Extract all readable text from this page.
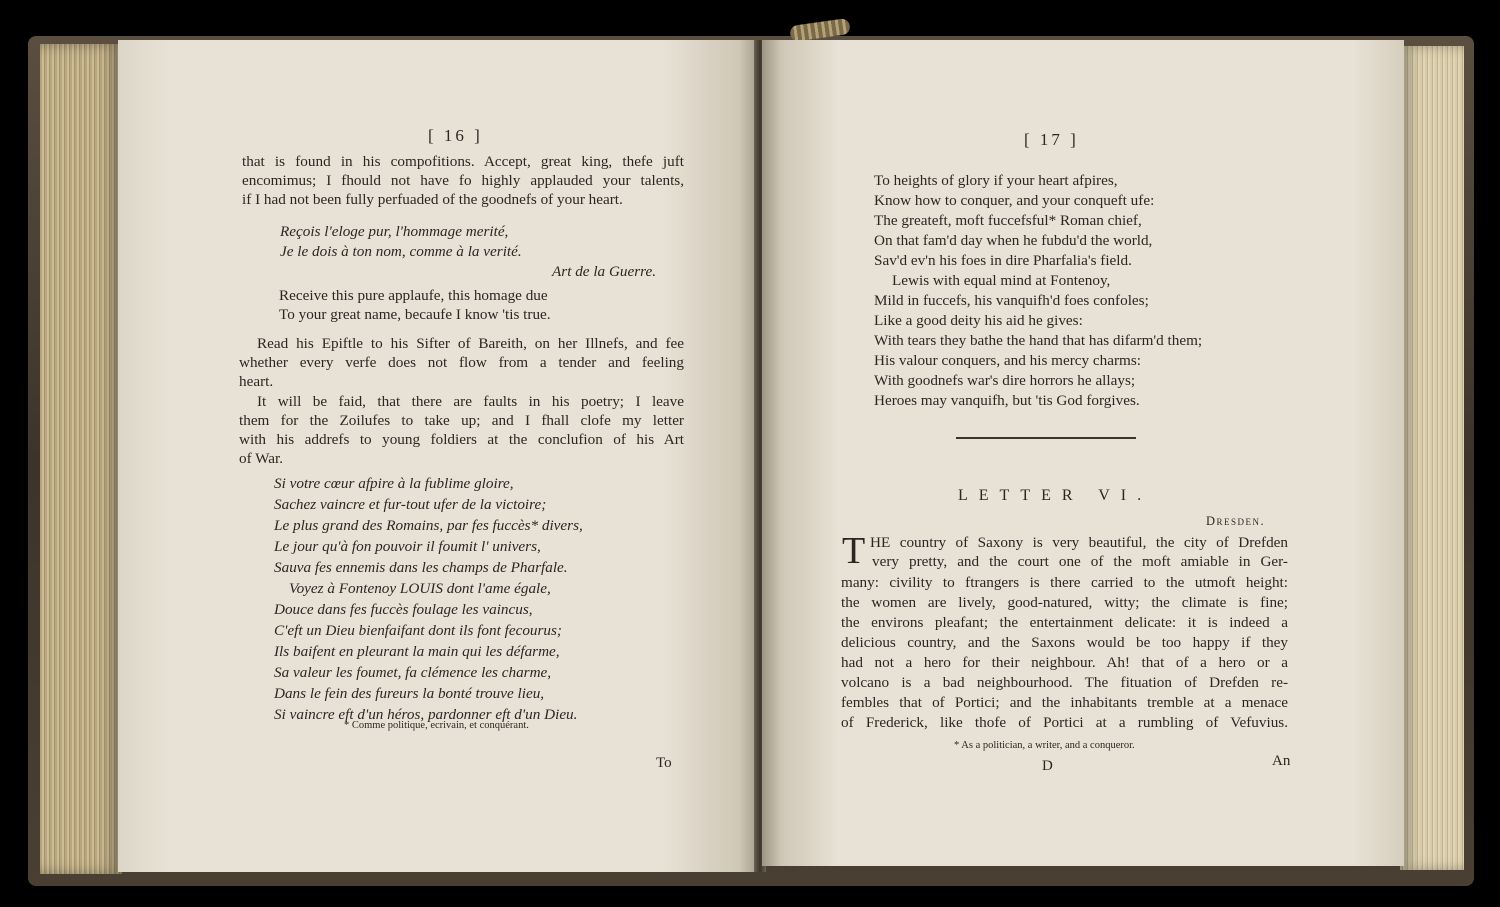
[ 16 ]
that is found in his compofitions. Accept, great king, thefe juft
encomimus; I fhould not have fo highly applauded your talents,
if I had not been fully perfuaded of the goodnefs of your heart.
Reçois l'eloge pur, l'hommage merité,
Je le dois à ton nom, comme à la verité.
Art de la Guerre.
Receive this pure applaufe, this homage due
To your great name, becaufe I know 'tis true.
Read his Epiftle to his Sifter of Bareith, on her Illnefs, and fee
whether every verfe does not flow from a tender and feeling
heart.
It will be faid, that there are faults in his poetry; I leave
them for the Zoilufes to take up; and I fhall clofe my letter
with his addrefs to young foldiers at the conclufion of his Art
of War.
Si votre cœur afpire à la fublime gloire,
Sachez vaincre et fur-tout ufer de la victoire;
Le plus grand des Romains, par fes fuccès* divers,
Le jour qu'à fon pouvoir il foumit l' univers,
Sauva fes ennemis dans les champs de Pharfale.
Voyez à Fontenoy LOUIS dont l'ame égale,
Douce dans fes fuccès foulage les vaincus,
C'eft un Dieu bienfaifant dont ils font fecourus;
Ils baifent en pleurant la main qui les défarme,
Sa valeur les foumet, fa clémence les charme,
Dans le fein des fureurs la bonté trouve lieu,
Si vaincre eft d'un héros, pardonner eft d'un Dieu.
* Comme politique, ecrivain, et conquérant.
To
[ 17 ]
To heights of glory if your heart afpires,
Know how to conquer, and your conqueft ufe:
The greateft, moft fuccefsful* Roman chief,
On that fam'd day when he fubdu'd the world,
Sav'd ev'n his foes in dire Pharfalia's field.
Lewis with equal mind at Fontenoy,
Mild in fuccefs, his vanquifh'd foes confoles;
Like a good deity his aid he gives:
With tears they bathe the hand that has difarm'd them;
His valour conquers, and his mercy charms:
With goodnefs war's dire horrors he allays;
Heroes may vanquifh, but 'tis God forgives.
LETTER VI.
Dresden.
T HE country of Saxony is very beautiful, the city of Drefden
very pretty, and the court one of the moft amiable in Ger-
many: civility to ftrangers is there carried to the utmoft height:
the women are lively, good-natured, witty; the climate is fine;
the environs pleafant; the entertainment delicate: it is indeed a
delicious country, and the Saxons would be too happy if they
had not a hero for their neighbour. Ah! that of a hero or a
volcano is a bad neighbourhood. The fituation of Drefden re-
fembles that of Portici; and the inhabitants tremble at a menace
of Frederick, like thofe of Portici at a rumbling of Vefuvius.
* As a politician, a writer, and a conqueror.
D	An
